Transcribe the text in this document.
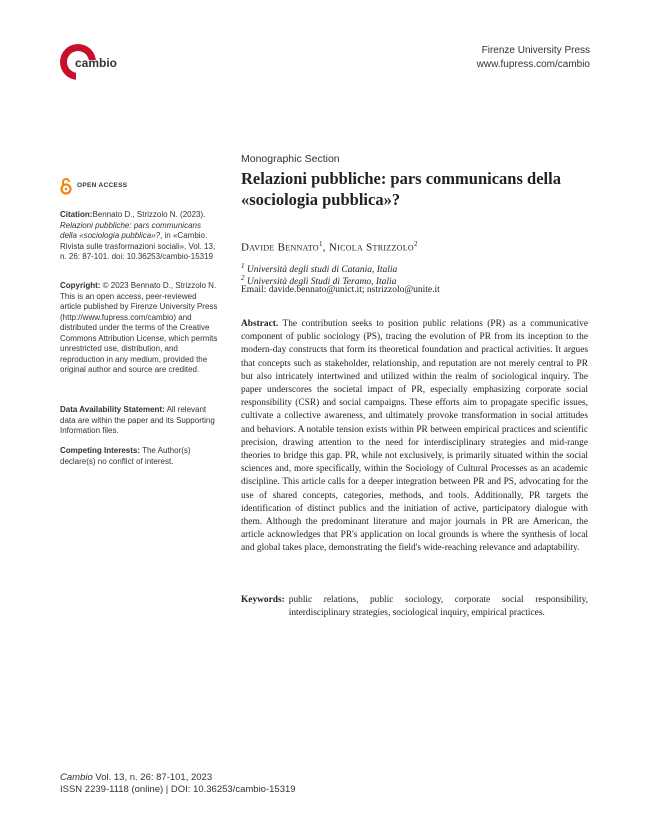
cambio
Firenze University Press
www.fupress.com/cambio
OPEN ACCESS
Citation:Bennato D., Strizzolo N. (2023). Relazioni pubbliche: pars communicans della «sociologia pubblica»?, in «Cambio. Rivista sulle trasformazioni sociali», Vol. 13, n. 26: 87-101. doi: 10.36253/cambio-15319
Copyright: © 2023 Bennato D., Strizzolo N. This is an open access, peer-reviewed article published by Firenze University Press (http://www.fupress.com/cambio) and distributed under the terms of the Creative Commons Attribution License, which permits unrestricted use, distribution, and reproduction in any medium, provided the original author and source are credited.
Data Availability Statement: All relevant data are within the paper and its Supporting Information files.
Competing Interests: The Author(s) declare(s) no conflict of interest.
Monographic Section
Relazioni pubbliche: pars communicans della «sociologia pubblica»?
Davide Bennato$^1$, Nicola Strizzolo$^2$
$^1$ Università degli studi di Catania, Italia
$^2$ Università degli Studi di Teramo, Italia
Email: davide.bennato@unict.it; nstrizzolo@unite.it
Abstract. The contribution seeks to position public relations (PR) as a communicative component of public sociology (PS), tracing the evolution of PR from its inception to the modern-day constructs that form its theoretical foundation and practical activities. It argues that concepts such as stakeholder, relationship, and reputation are not merely central to PR but also intricately intertwined and utilized within the realm of sociological inquiry. The paper underscores the societal impact of PR, especially emphasizing corporate social responsibility (CSR) and social campaigns. These efforts aim to propagate specific issues, cultivate a collective awareness, and ultimately provoke transformation in social attitudes and behaviors. A notable tension exists within PR between empirical practices and scientific precision, drawing attention to the need for interdisciplinary strategies and mid-range theories to bridge this gap. PR, while not exclusively, is primarily situated within the social sciences and, more specifically, within the Sociology of Cultural Processes as an academic discipline. This article calls for a deeper integration between PR and PS, advocating for the use of shared concepts, categories, methods, and tools. Additionally, PR targets the identification of distinct publics and the initiation of active, participatory dialogue with them. Although the predominant literature and major journals in PR are American, the article acknowledges that PR's application on local grounds is where the synthesis of local and global takes place, demonstrating the field's wide-reaching relevance and adaptability.
Keywords: public relations, public sociology, corporate social responsibility, interdisciplinary strategies, sociological inquiry, empirical practices.
Cambio Vol. 13, n. 26: 87-101, 2023
ISSN 2239-1118 (online) | DOI: 10.36253/cambio-15319
